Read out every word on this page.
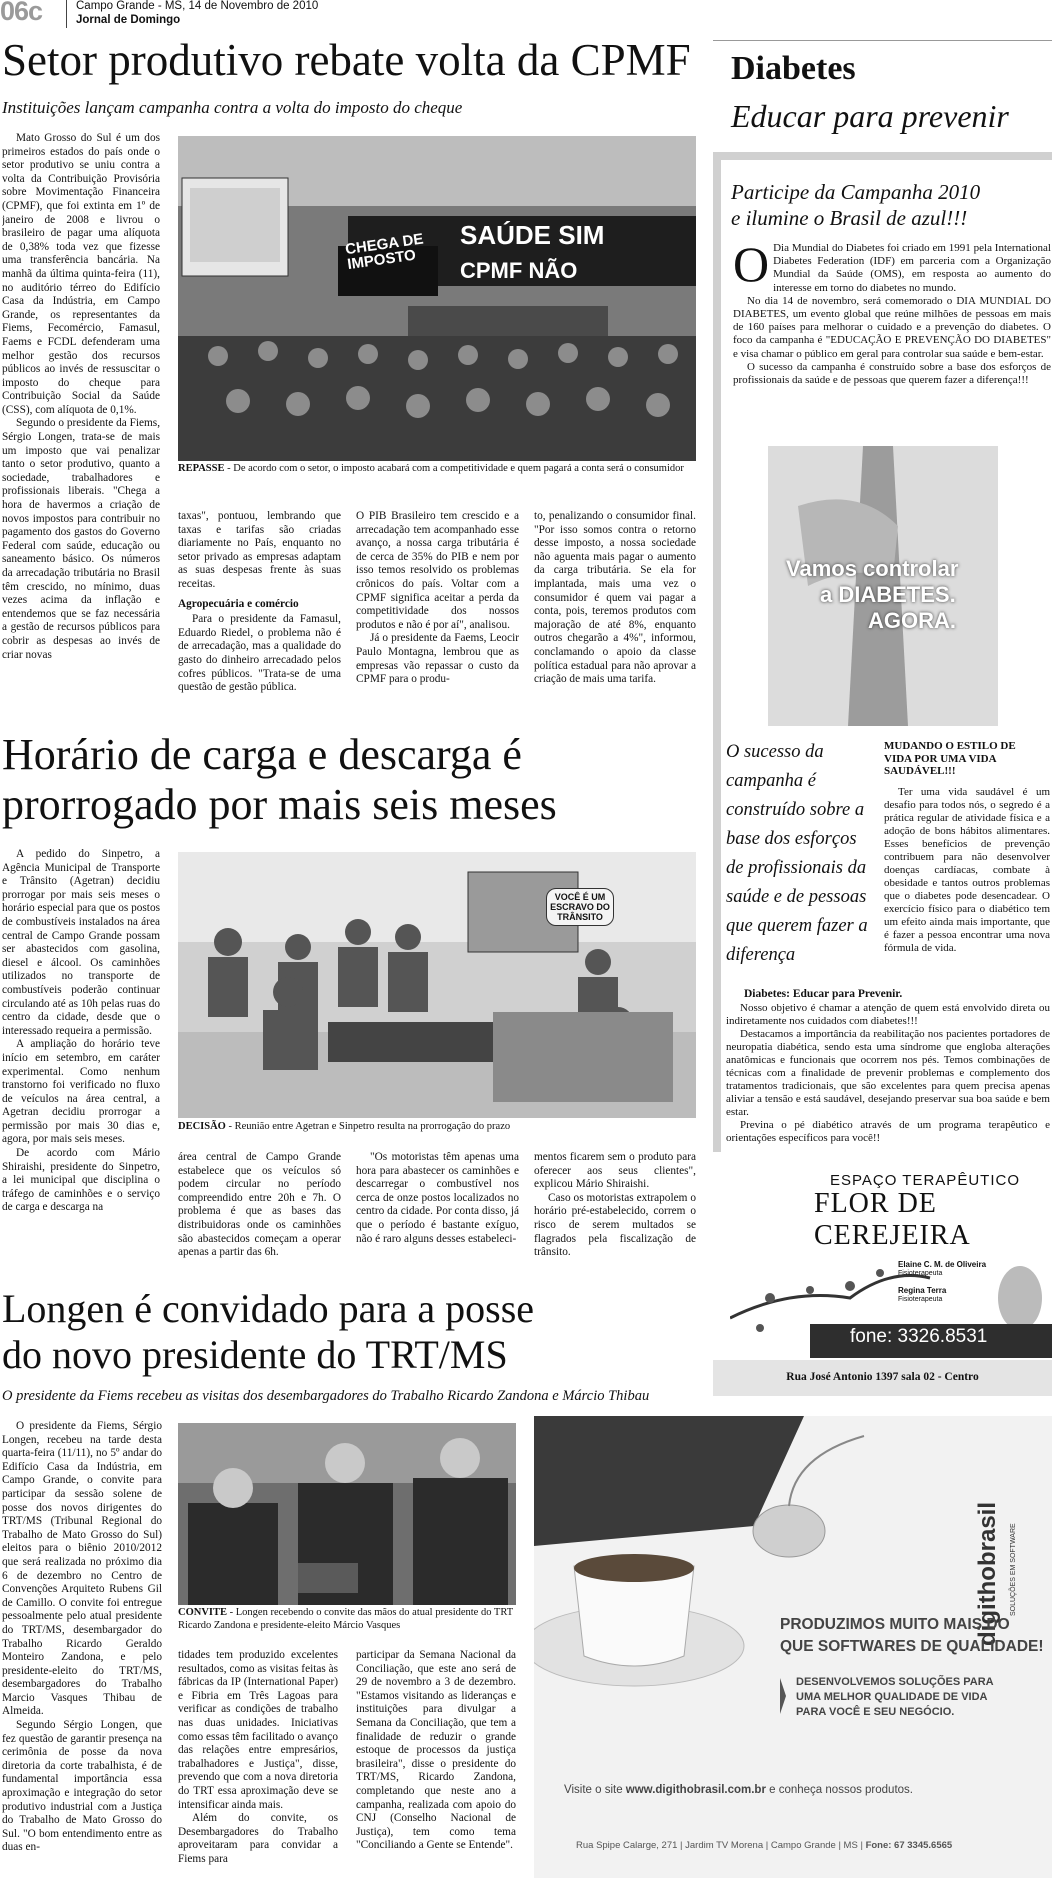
06c	Campo Grande - MS, 14 de Novembro de 2010
Jornal de Domingo
Setor produtivo rebate volta da CPMF
Instituições lançam campanha contra a volta do imposto do cheque

Mato Grosso do Sul é um dos primeiros estados do país onde o setor produtivo se uniu contra a volta da Contribuição Provisória sobre Movimentação Financeira (CPMF), que foi extinta em 1º de janeiro de 2008 e livrou o brasileiro de pagar uma alíquota de 0,38% toda vez que fizesse uma transferência bancária. Na manhã da última quinta-feira (11), no auditório térreo do Edifício Casa da Indústria, em Campo Grande, os representantes da Fiems, Fecomércio, Famasul, Faems e FCDL defenderam uma melhor gestão dos recursos públicos ao invés de ressuscitar o imposto do cheque para Contribuição Social da Saúde (CSS), com alíquota de 0,1%.

Segundo o presidente da Fiems, Sérgio Longen, trata-se de mais um imposto que vai penalizar tanto o setor produtivo, quanto a sociedade, trabalhadores e profissionais liberais. "Chega a hora de havermos a criação de novos impostos para contribuir no pagamento dos gastos do Governo Federal com saúde, educação ou saneamento básico. Os números da arrecadação tributária no Brasil têm crescido, no mínimo, duas vezes acima da inflação e entendemos que se faz necessária a gestão de recursos públicos para cobrir as despesas ao invés de criar novas

CHEGA DE IMPOSTO
SAÚDE SIM
CPMF NÃO
REPASSE - De acordo com o setor, o imposto acabará com a competitividade e quem pagará a conta será o consumidor

taxas", pontuou, lembrando que taxas e tarifas são criadas diariamente no País, enquanto no setor privado as empresas adaptam as suas despesas frente às suas receitas.

Agropecuária e comércio

Para o presidente da Famasul, Eduardo Riedel, o problema não é de arrecadação, mas a qualidade do gasto do dinheiro arrecadado pelos cofres públicos. "Trata-se de uma questão de gestão pública.

O PIB Brasileiro tem crescido e a arrecadação tem acompanhado esse avanço, a nossa carga tributária é de cerca de 35% do PIB e nem por isso temos resolvido os problemas crônicos do país. Voltar com a CPMF significa aceitar a perda da competitividade dos nossos produtos e não é por aí", analisou.

Já o presidente da Faems, Leocir Paulo Montagna, lembrou que as empresas vão repassar o custo da CPMF para o produ-

to, penalizando o consumidor final. "Por isso somos contra o retorno desse imposto, a nossa sociedade não aguenta mais pagar o aumento da carga tributária. Se ela for implantada, mais uma vez o consumidor é quem vai pagar a conta, pois, teremos produtos com majoração de até 8%, enquanto outros chegarão a 4%", informou, conclamando o apoio da classe política estadual para não aprovar a criação de mais uma tarifa.

Horário de carga e descarga é
prorrogado por mais seis meses

A pedido do Sinpetro, a Agência Municipal de Transporte e Trânsito (Agetran) decidiu prorrogar por mais seis meses o horário especial para que os postos de combustíveis instalados na área central de Campo Grande possam ser abastecidos com gasolina, diesel e álcool. Os caminhões utilizados no transporte de combustíveis poderão continuar circulando até as 10h pelas ruas do centro da cidade, desde que o interessado requeira a permissão.

A ampliação do horário teve início em setembro, em caráter experimental. Como nenhum transtorno foi verificado no fluxo de veículos na área central, a Agetran decidiu prorrogar a permissão por mais 30 dias e, agora, por mais seis meses.

De acordo com Mário Shiraishi, presidente do Sinpetro, a lei municipal que disciplina o tráfego de caminhões e o serviço de carga e descarga na

VOCÊ É UM ESCRAVO DO TRÂNSITO
DECISÃO - Reunião entre Agetran e Sinpetro resulta na prorrogação do prazo

área central de Campo Grande estabelece que os veículos só podem circular no período compreendido entre 20h e 7h. O problema é que as bases das distribuidoras onde os caminhões são abastecidos começam a operar apenas a partir das 6h.

"Os motoristas têm apenas uma hora para abastecer os caminhões e descarregar o combustível nos cerca de onze postos localizados no centro da cidade. Por conta disso, já que o período é bastante exíguo, não é raro alguns desses estabeleci-

mentos ficarem sem o produto para oferecer aos seus clientes", explicou Mário Shiraishi.

Caso os motoristas extrapolem o horário pré-estabelecido, correm o risco de serem multados se flagrados pela fiscalização de trânsito.

Longen é convidado para a posse
do novo presidente do TRT/MS
O presidente da Fiems recebeu as visitas dos desembargadores do Trabalho Ricardo Zandona e Márcio Thibau

O presidente da Fiems, Sérgio Longen, recebeu na tarde desta quarta-feira (11/11), no 5º andar do Edifício Casa da Indústria, em Campo Grande, o convite para participar da sessão solene de posse dos novos dirigentes do TRT/MS (Tribunal Regional do Trabalho de Mato Grosso do Sul) eleitos para o biênio 2010/2012 que será realizada no próximo dia 6 de dezembro no Centro de Convenções Arquiteto Rubens Gil de Camillo. O convite foi entregue pessoalmente pelo atual presidente do TRT/MS, desembargador do Trabalho Ricardo Geraldo Monteiro Zandona, e pelo presidente-eleito do TRT/MS, desembargadores do Trabalho Marcio Vasques Thibau de Almeida.

Segundo Sérgio Longen, que fez questão de garantir presença na cerimônia de posse da nova diretoria da corte trabalhista, é de fundamental importância essa aproximação e integração do setor produtivo industrial com a Justiça do Trabalho de Mato Grosso do Sul. "O bom entendimento entre as duas en-

CONVITE - Longen recebendo o convite das mãos do atual presidente do TRT Ricardo Zandona e presidente-eleito Márcio Vasques

tidades tem produzido excelentes resultados, como as visitas feitas às fábricas da IP (International Paper) e Fibria em Três Lagoas para verificar as condições de trabalho nas duas unidades. Iniciativas como essas têm facilitado o avanço das relações entre empresários, trabalhadores e Justiça", disse, prevendo que com a nova diretoria do TRT essa aproximação deve se intensificar ainda mais.

Além do convite, os Desembargadores do Trabalho aproveitaram para convidar a Fiems para

participar da Semana Nacional da Conciliação, que este ano será de 29 de novembro a 3 de dezembro. "Estamos visitando as lideranças e instituições para divulgar a Semana da Conciliação, que tem a finalidade de reduzir o grande estoque de processos da justiça brasileira", disse o presidente do TRT/MS, Ricardo Zandona, completando que neste ano a campanha, realizada com apoio do CNJ (Conselho Nacional de Justiça), tem como tema "Conciliando a Gente se Entende".

Diabetes
Educar para prevenir
Participe da Campanha 2010
e ilumine o Brasil de azul!!!
O Dia Mundial do Diabetes foi criado em 1991 pela International Diabetes Federation (IDF) em parceria com a Organização Mundial da Saúde (OMS), em resposta ao aumento do interesse em torno do diabetes no mundo.

No dia 14 de novembro, será comemorado o DIA MUNDIAL DO DIABETES, um evento global que reúne milhões de pessoas em mais de 160 países para melhorar o cuidado e a prevenção do diabetes. O foco da campanha é "EDUCAÇÃO E PREVENÇÃO DO DIABETES" e visa chamar o público em geral para controlar sua saúde e bem-estar.

O sucesso da campanha é construído sobre a base dos esforços de profissionais da saúde e de pessoas que querem fazer a diferença!!!

Vamos controlar
a DIABETES.
AGORA.
O sucesso da campanha é construído sobre a base dos esforços de profissionais da saúde e de pessoas que querem fazer a diferença
MUDANDO O ESTILO DE VIDA POR UMA VIDA SAUDÁVEL!!!

Ter uma vida saudável é um desafio para todos nós, o segredo é a prática regular de atividade física e a adoção de bons hábitos alimentares. Esses benefícios de prevenção contribuem para não desenvolver doenças cardíacas, combate à obesidade e tantos outros problemas que o diabetes pode desencadear. O exercício físico para o diabético tem um efeito ainda mais importante, que é fazer a pessoa encontrar uma nova fórmula de vida.

Diabetes: Educar para Prevenir.

Nosso objetivo é chamar a atenção de quem está envolvido direta ou indiretamente nos cuidados com diabetes!!!

Destacamos a importância da reabilitação nos pacientes portadores de neuropatia diabética, sendo esta uma síndrome que engloba alterações anatômicas e funcionais que ocorrem nos pés. Temos combinações de técnicas com a finalidade de prevenir problemas e complemento dos tratamentos tradicionais, que são excelentes para quem precisa apenas aliviar a tensão e está saudável, desejando preservar sua boa saúde e bem estar.

Previna o pé diabético através de um programa terapêutico e orientações específicos para você!!

ESPAÇO TERAPÊUTICO
FLOR DE CEREJEIRA
Elaine C. M. de Oliveira
Fisioterapeuta
Regina Terra
Fisioterapeuta
fone: 3326.8531
Rua José Antonio 1397 sala 02 - Centro
digithobrasil SOLUÇÕES EM SOFTWARE
PRODUZIMOS MUITO MAIS DO
QUE SOFTWARES DE QUALIDADE!
DESENVOLVEMOS SOLUÇÕES PARA
UMA MELHOR QUALIDADE DE VIDA
PARA VOCÊ E SEU NEGÓCIO.
Visite o site www.digithobrasil.com.br e conheça nossos produtos.
Rua Spipe Calarge, 271 | Jardim TV Morena | Campo Grande | MS | Fone: 67 3345.6565
